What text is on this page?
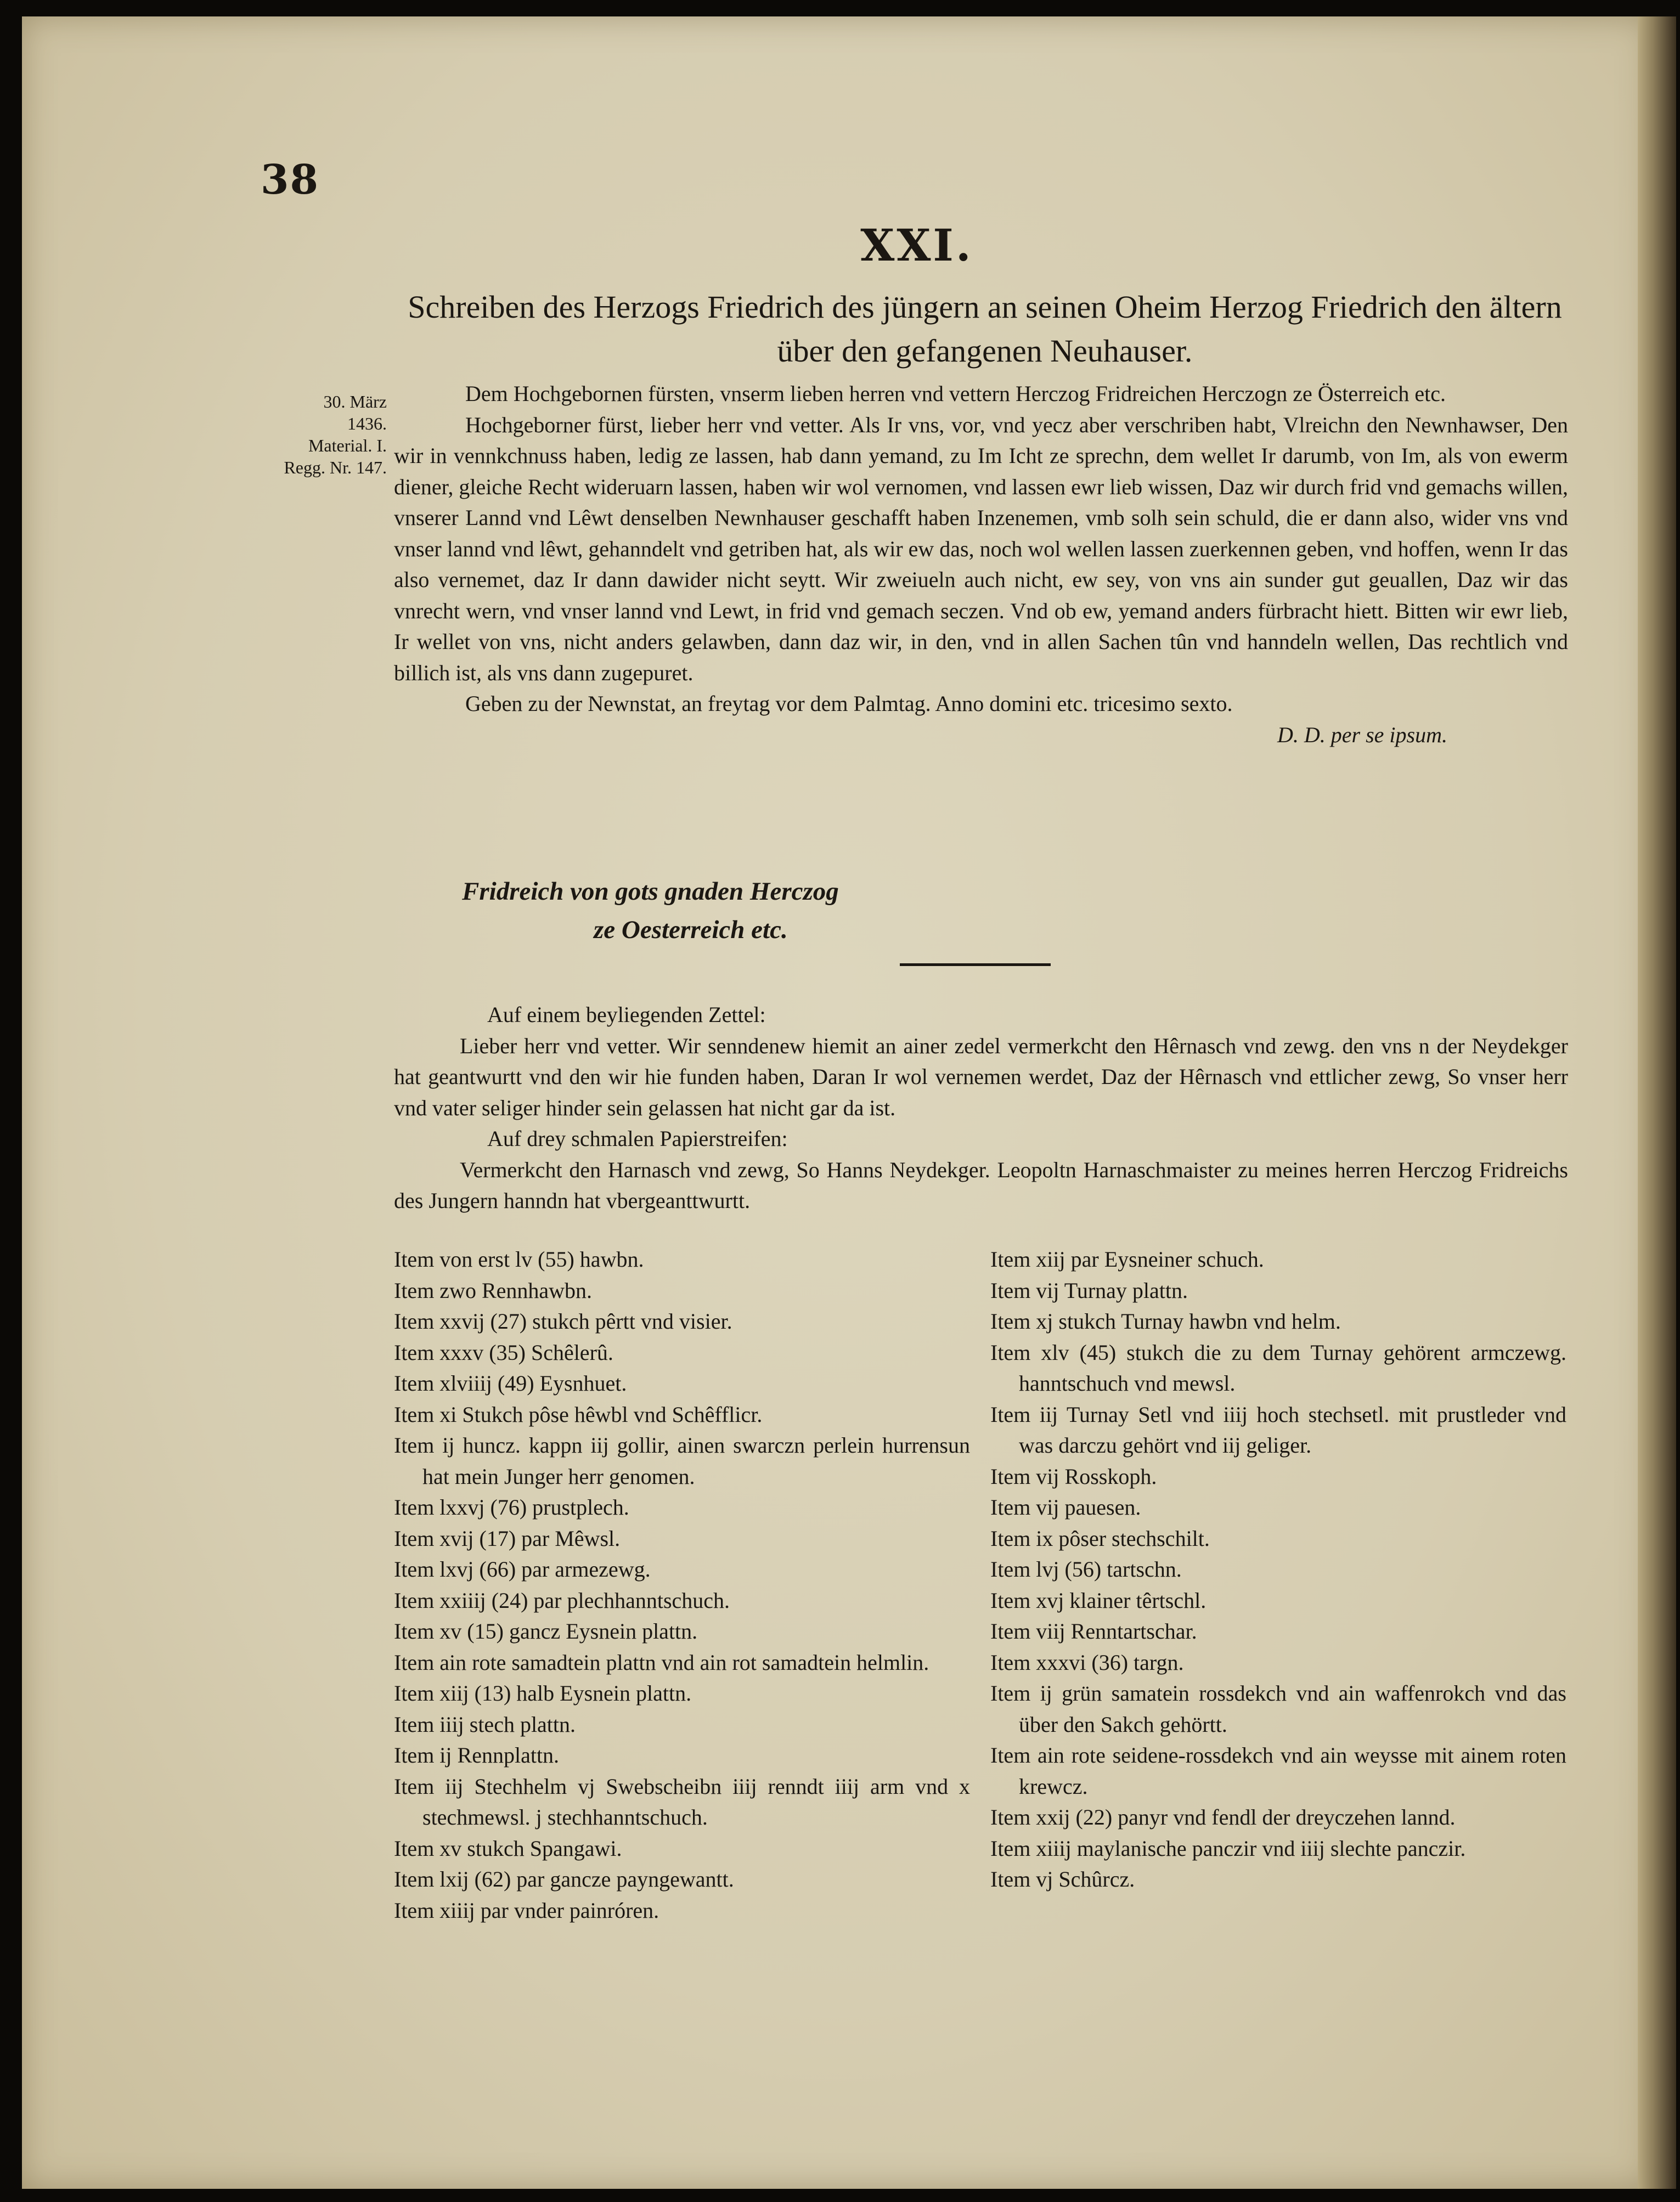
38

XXI.
Schreiben des Herzogs Friedrich des jüngern an seinen Oheim Herzog Friedrich den ältern über den gefangenen Neuhauser.
30. März
1436.
Material. I.
Regg. Nr. 147.

Dem Hochgebornen fürsten, vnserm lieben herren vnd vettern Herczog Fridreichen Herczogn ze Österreich etc.

Hochgeborner fürst, lieber herr vnd vetter. Als Ir vns, vor, vnd yecz aber verschriben habt, Vlreichn den Newnhawser, Den wir in vennkchnuss haben, ledig ze lassen, hab dann yemand, zu Im Icht ze sprechn, dem wellet Ir darumb, von Im, als von ewerm diener, gleiche Recht wideruarn lassen, haben wir wol vernomen, vnd lassen ewr lieb wissen, Daz wir durch frid vnd gemachs willen, vnserer Lannd vnd Lêwt denselben Newnhauser geschafft haben Inzenemen, vmb solh sein schuld, die er dann also, wider vns vnd vnser lannd vnd lêwt, gehanndelt vnd getriben hat, als wir ew das, noch wol wellen lassen zuerkennen geben, vnd hoffen, wenn Ir das also vernemet, daz Ir dann dawider nicht seytt. Wir zweiueln auch nicht, ew sey, von vns ain sunder gut geuallen, Daz wir das vnrecht wern, vnd vnser lannd vnd Lewt, in frid vnd gemach seczen. Vnd ob ew, yemand anders fürbracht hiett. Bitten wir ewr lieb, Ir wellet von vns, nicht anders gelawben, dann daz wir, in den, vnd in allen Sachen tûn vnd hanndeln wellen, Das rechtlich vnd billich ist, als vns dann zugepuret.

Geben zu der Newnstat, an freytag vor dem Palmtag. Anno domini etc. tricesimo sexto.

D. D. per se ipsum.

Fridreich von gots gnaden Herczog
ze Oesterreich etc.

Auf einem beyliegenden Zettel:

Lieber herr vnd vetter. Wir senndenew hiemit an ainer zedel vermerkcht den Hêrnasch vnd zewg. den vns n der Neydekger hat geantwurtt vnd den wir hie funden haben, Daran Ir wol vernemen werdet, Daz der Hêrnasch vnd ettlicher zewg, So vnser herr vnd vater seliger hinder sein gelassen hat nicht gar da ist.

Auf drey schmalen Papierstreifen:

Vermerkcht den Harnasch vnd zewg, So Hanns Neydekger. Leopoltn Harnaschmaister zu meines herren Herczog Fridreichs des Jungern hanndn hat vbergeanttwurtt.

Item von erst lv (55) hawbn.

Item zwo Rennhawbn.

Item xxvij (27) stukch pêrtt vnd visier.

Item xxxv (35) Schêlerû.

Item xlviiij (49) Eysnhuet.

Item xi Stukch pôse hêwbl vnd Schêfflicr.

Item ij huncz. kappn iij gollir, ainen swarczn perlein hurrensun hat mein Junger herr genomen.

Item lxxvj (76) prustplech.

Item xvij (17) par Mêwsl.

Item lxvj (66) par armezewg.

Item xxiiij (24) par plechhanntschuch.

Item xv (15) gancz Eysnein plattn.

Item ain rote samadtein plattn vnd ain rot samadtein helmlin.

Item xiij (13) halb Eysnein plattn.

Item iiij stech plattn.

Item ij Rennplattn.

Item iij Stechhelm vj Swebscheibn iiij renndt iiij arm vnd x stechmewsl. j stechhanntschuch.

Item xv stukch Spangawi.

Item lxij (62) par gancze payngewantt.

Item xiiij par vnder painróren.

Item xiij par Eysneiner schuch.

Item vij Turnay plattn.

Item xj stukch Turnay hawbn vnd helm.

Item xlv (45) stukch die zu dem Turnay gehörent armczewg. hanntschuch vnd mewsl.

Item iij Turnay Setl vnd iiij hoch stechsetl. mit prustleder vnd was darczu gehört vnd iij geliger.

Item vij Rosskoph.

Item vij pauesen.

Item ix pôser stechschilt.

Item lvj (56) tartschn.

Item xvj klainer têrtschl.

Item viij Renntartschar.

Item xxxvi (36) targn.

Item ij grün samatein rossdekch vnd ain waffenrokch vnd das über den Sakch gehörtt.

Item ain rote seidene-rossdekch vnd ain weysse mit ainem roten krewcz.

Item xxij (22) panyr vnd fendl der dreyczehen lannd.

Item xiiij maylanische panczir vnd iiij slechte panczir.

Item vj Schûrcz.
